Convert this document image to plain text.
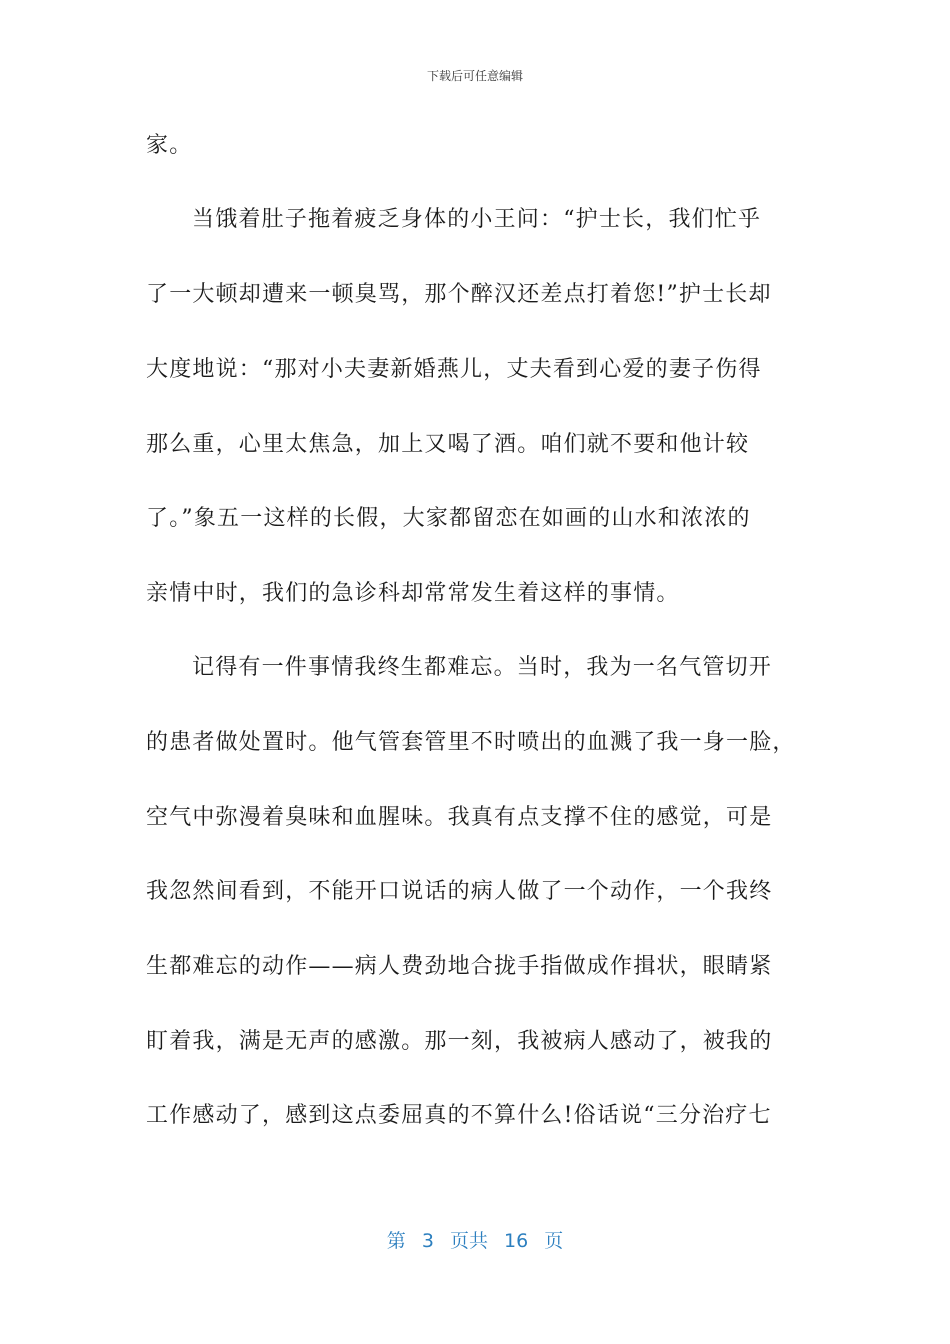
下载后可任意编辑
家。
当饿着肚子拖着疲乏身体的小王问：“护士长，我们忙乎
了一大顿却遭来一顿臭骂，那个醉汉还差点打着您!”护士长却
大度地说：“那对小夫妻新婚燕儿，丈夫看到心爱的妻子伤得
那么重，心里太焦急，加上又喝了酒。咱们就不要和他计较
了。”象五一这样的长假，大家都留恋在如画的山水和浓浓的
亲情中时，我们的急诊科却常常发生着这样的事情。
记得有一件事情我终生都难忘。当时，我为一名气管切开
的患者做处置时。他气管套管里不时喷出的血溅了我一身一脸，
空气中弥漫着臭味和血腥味。我真有点支撑不住的感觉，可是
我忽然间看到，不能开口说话的病人做了一个动作，一个我终
生都难忘的动作——病人费劲地合拢手指做成作揖状，眼睛紧
盯着我，满是无声的感激。那一刻，我被病人感动了，被我的
工作感动了，感到这点委屈真的不算什么!俗话说“三分治疗七
第 3 页共 16 页
